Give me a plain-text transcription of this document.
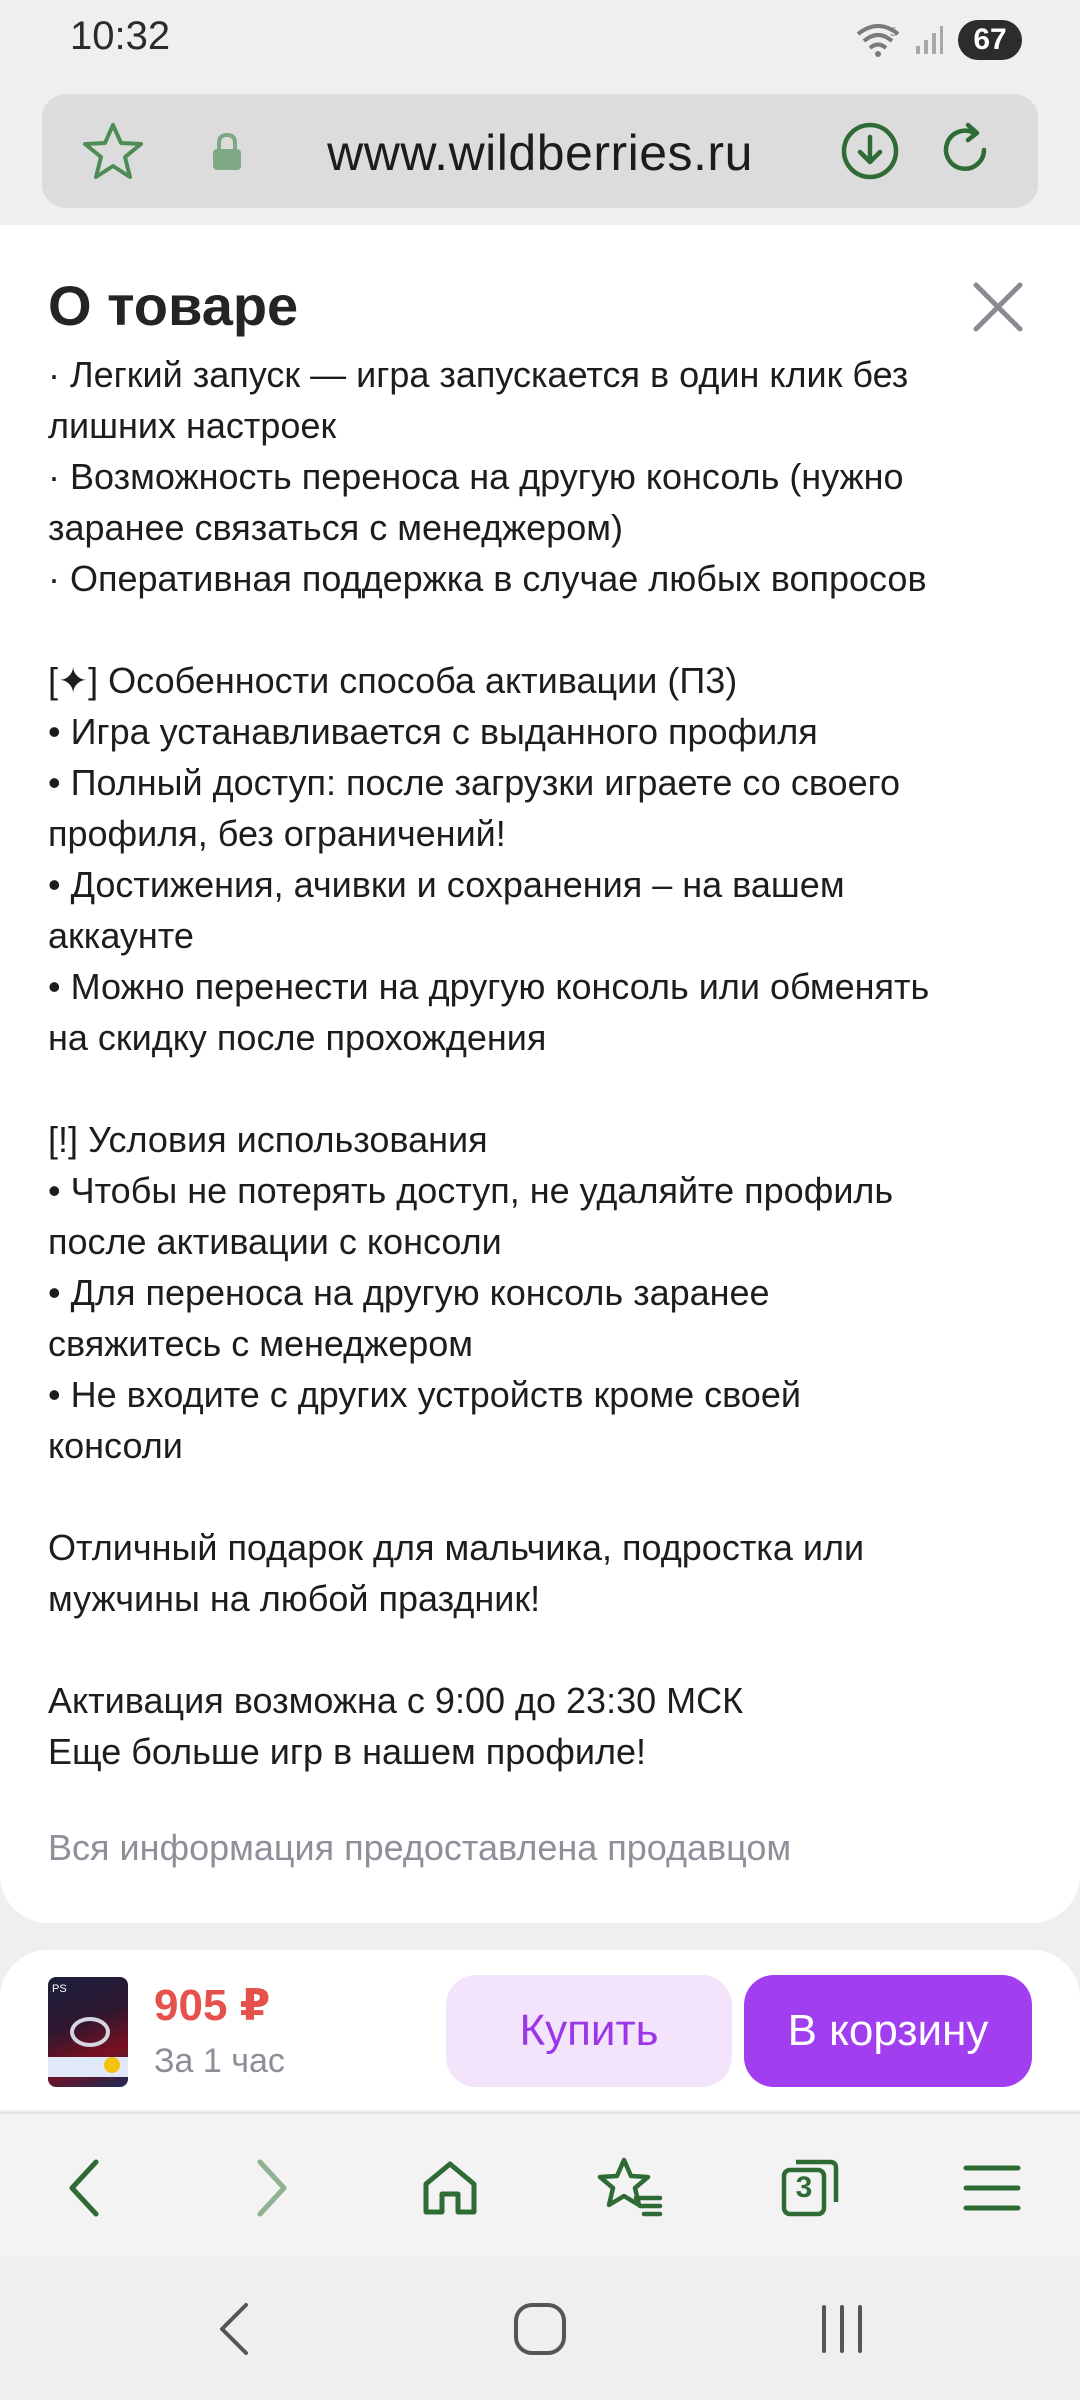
10:32	5	67
www.wildberries.ru
О товаре
· Легкий запуск — игра запускается в один клик без
лишних настроек
· Возможность переноса на другую консоль (нужно
заранее связаться с менеджером)
· Оперативная поддержка в случае любых вопросов
[✦] Особенности способа активации (П3)
• Игра устанавливается с выданного профиля
• Полный доступ: после загрузки играете со своего
профиля, без ограничений!
• Достижения, ачивки и сохранения – на вашем
аккаунте
• Можно перенести на другую консоль или обменять
на скидку после прохождения
[!] Условия использования
• Чтобы не потерять доступ, не удаляйте профиль
после активации с консоли
• Для переноса на другую консоль заранее
свяжитесь с менеджером
• Не входите с других устройств кроме своей
консоли
Отличный подарок для мальчика, подростка или
мужчины на любой праздник!
Активация возможна с 9:00 до 23:30 МСК
Еще больше игр в нашем профиле!
Вся информация предоставлена продавцом
PS 905 ₽
За 1 час
Купить	В корзину
3
